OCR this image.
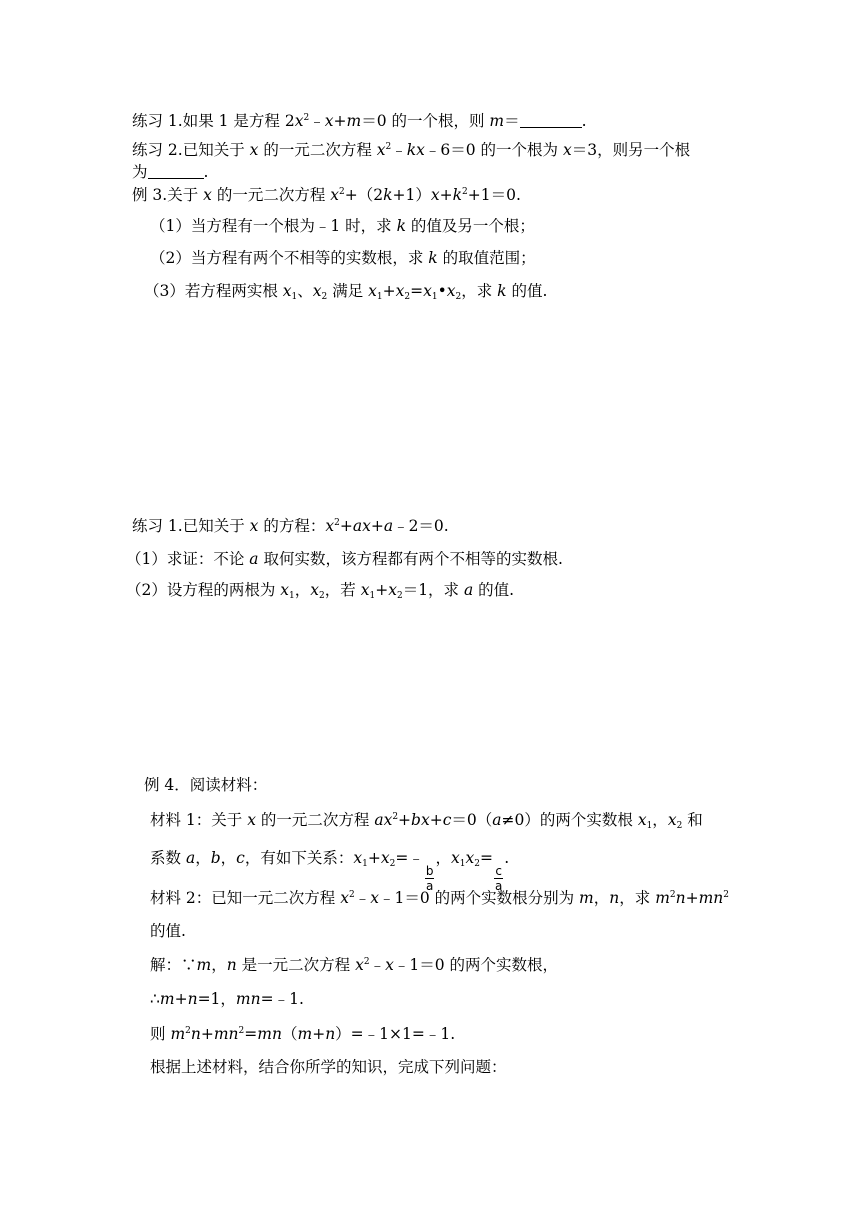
练习 1.如果 1 是方程 $2x^2﹣x+m=0$ 的一个根，则 m＝	.
练习 2.已知关于 x 的一元二次方程 $x^2﹣kx﹣6=0$ 的一个根为 x＝3，则另一个根
为	.
例 3.关于 x 的一元二次方程 $x^2+(2k+1)x+k^2+1=0$.
（1）当方程有一个根为﹣1 时，求 k 的值及另一个根；
（2）当方程有两个不相等的实数根，求 k 的取值范围；
（3）若方程两实根 $x_1$、$x_2$ 满足 $x_1+x_2=x_1•x_2$，求 k 的值.
练习 1.已知关于 x 的方程：$x^2+ax+a﹣2=0$.
（1）求证：不论 a 取何实数，该方程都有两个不相等的实数根.
（2）设方程的两根为 $x_1$，$x_2$，若 $x_1+x_2=1$，求 a 的值.
例 4．阅读材料：
材料 1：关于 x 的一元二次方程 $ax^2+bx+c=0(a\ne 0)$的两个实数根 $x_1$，$x_2$ 和
系数 a，b，c，有如下关系：$x_1+x_2=﹣$
$\frac{b}{a}$
，$x_1x_2=$
$\frac{c}{a}$
.
材料 2：已知一元二次方程 $x^2﹣x﹣1=0$ 的两个实数根分别为 m，n，求 $m^2n+mn^2$
的值.
解：∵m，n 是一元二次方程 $x^2﹣x﹣1=0$ 的两个实数根，
∴m+n=1，mn=﹣1.
则 $m^2n+mn^2=mn(m+n)=﹣1\times 1=﹣1$.
根据上述材料，结合你所学的知识，完成下列问题：
